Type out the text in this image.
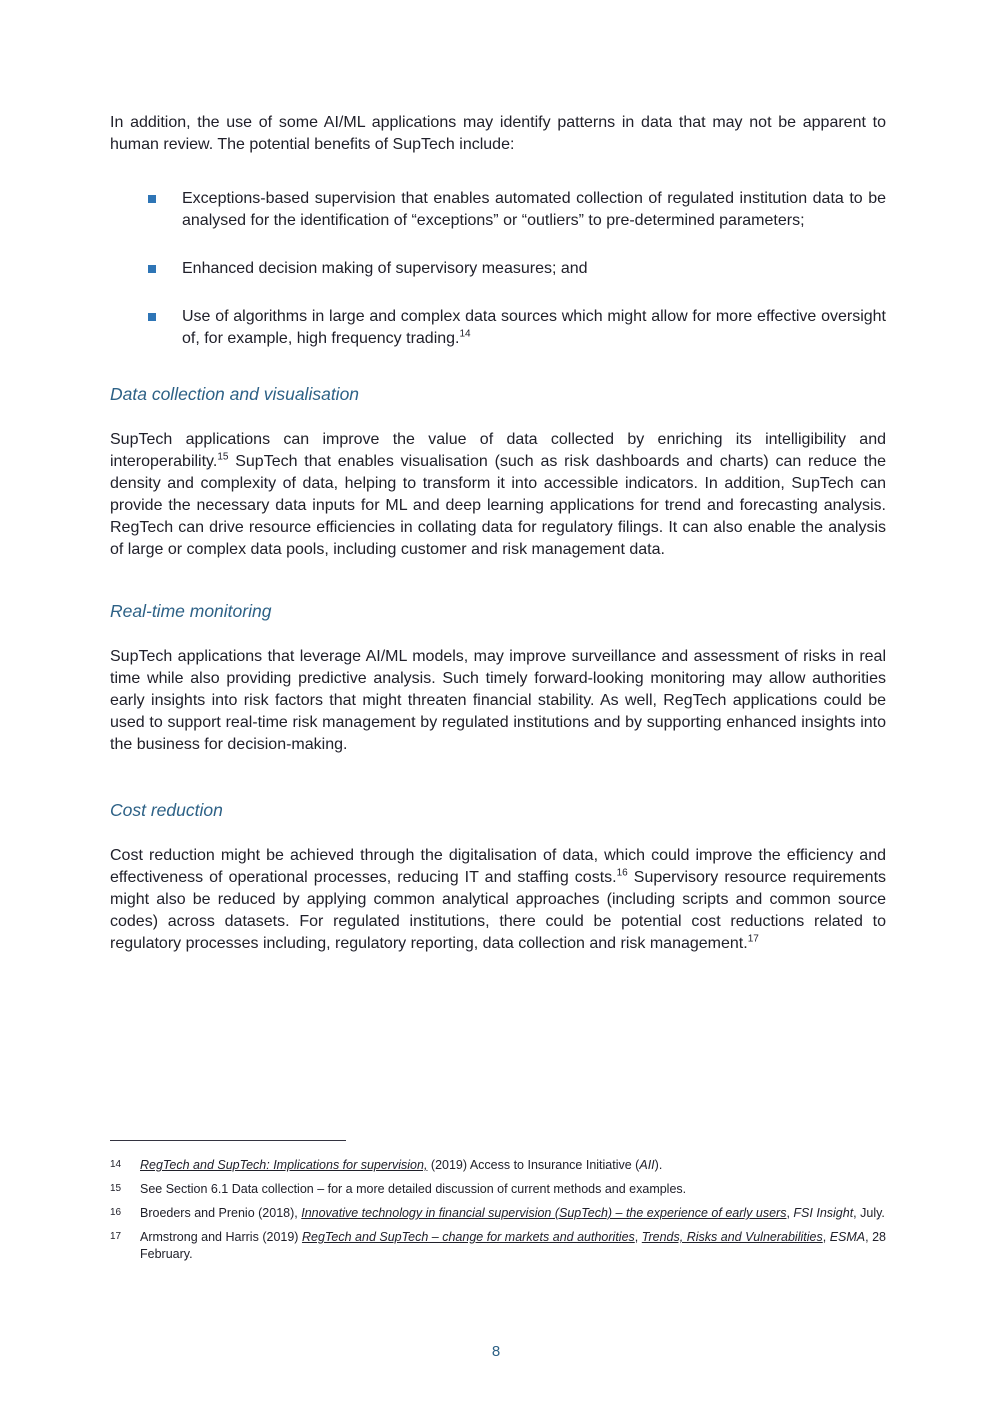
In addition, the use of some AI/ML applications may identify patterns in data that may not be apparent to human review. The potential benefits of SupTech include:

Exceptions-based supervision that enables automated collection of regulated institution data to be analysed for the identification of “exceptions” or “outliers” to pre-determined parameters;
Enhanced decision making of supervisory measures; and
Use of algorithms in large and complex data sources which might allow for more effective oversight of, for example, high frequency trading.$^{14}$
Data collection and visualisation

SupTech applications can improve the value of data collected by enriching its intelligibility and interoperability.$^{15}$ SupTech that enables visualisation (such as risk dashboards and charts) can reduce the density and complexity of data, helping to transform it into accessible indicators. In addition, SupTech can provide the necessary data inputs for ML and deep learning applications for trend and forecasting analysis. RegTech can drive resource efficiencies in collating data for regulatory filings. It can also enable the analysis of large or complex data pools, including customer and risk management data.

Real-time monitoring

SupTech applications that leverage AI/ML models, may improve surveillance and assessment of risks in real time while also providing predictive analysis. Such timely forward-looking monitoring may allow authorities early insights into risk factors that might threaten financial stability. As well, RegTech applications could be used to support real-time risk management by regulated institutions and by supporting enhanced insights into the business for decision-making.

Cost reduction

Cost reduction might be achieved through the digitalisation of data, which could improve the efficiency and effectiveness of operational processes, reducing IT and staffing costs.$^{16}$ Supervisory resource requirements might also be reduced by applying common analytical approaches (including scripts and common source codes) across datasets. For regulated institutions, there could be potential cost reductions related to regulatory processes including, regulatory reporting, data collection and risk management.$^{17}$

14	RegTech and SupTech: Implications for supervision, (2019) Access to Insurance Initiative (AII).
15	See Section 6.1 Data collection – for a more detailed discussion of current methods and examples.
16	Broeders and Prenio (2018), Innovative technology in financial supervision (SupTech) – the experience of early users, FSI Insight, July.
17	Armstrong and Harris (2019) RegTech and SupTech – change for markets and authorities, Trends, Risks and Vulnerabilities, ESMA, 28 February.
8
